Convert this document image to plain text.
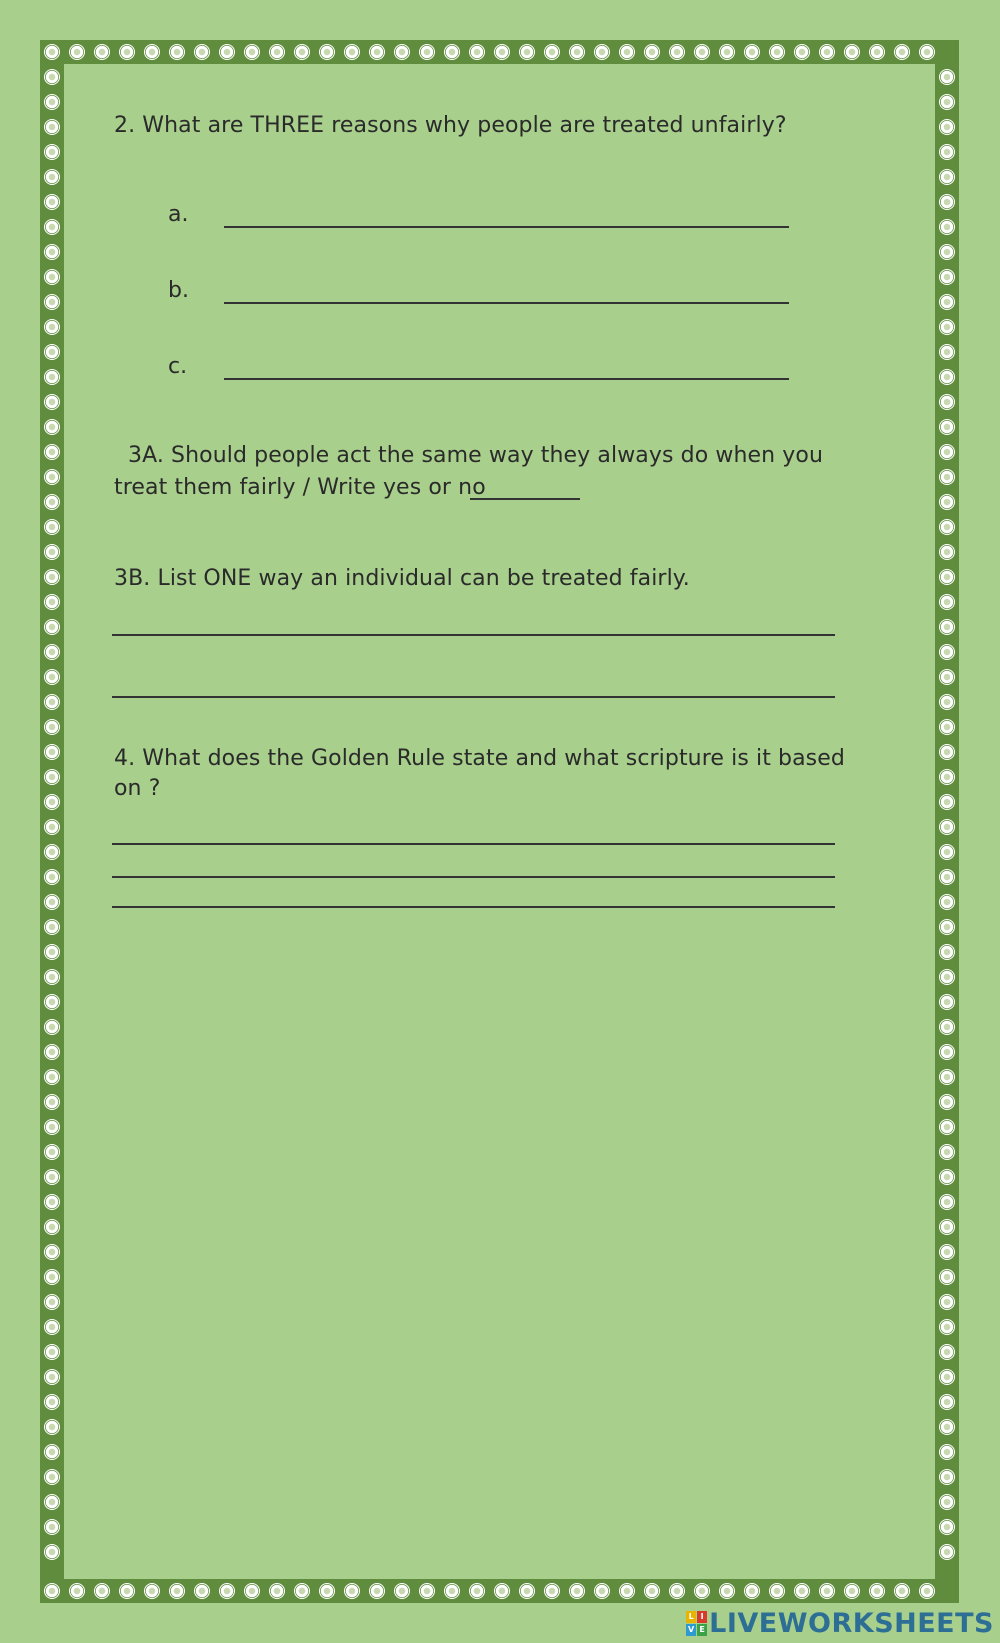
2. What are THREE reasons why people are treated unfairly?
a.
b.
c.
3A. Should people act the same way they always do when you
treat them fairly / Write yes or no
3B. List ONE way an individual can be treated fairly.
4. What does the Golden Rule state and what scripture is it based
on ?
L I
V E LIVEWORKSHEETS
